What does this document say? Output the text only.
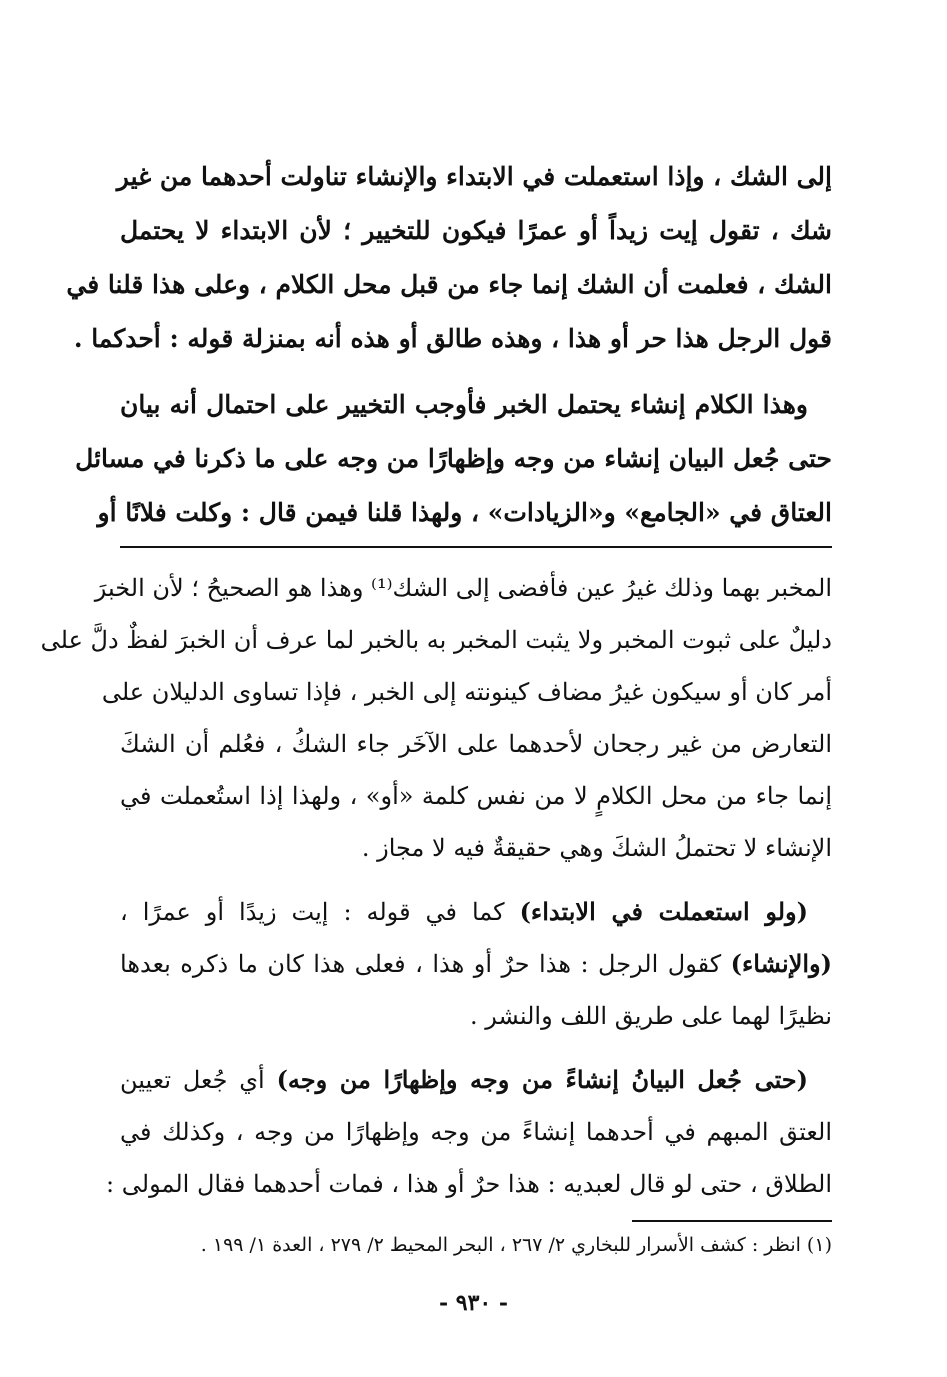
إلى الشك ، وإذا استعملت في الابتداء والإنشاء تناولت أحدهما من غير
شك ، تقول إيت زيداً أو عمرًا فيكون للتخيير ؛ لأن الابتداء لا يحتمل
الشك ، فعلمت أن الشك إنما جاء من قبل محل الكلام ، وعلى هذا قلنا في
قول الرجل هذا حر أو هذا ، وهذه طالق أو هذه أنه بمنزلة قوله : أحدكما .
وهذا الكلام إنشاء يحتمل الخبر فأوجب التخيير على احتمال أنه بيان
حتى جُعل البيان إنشاء من وجه وإظهارًا من وجه على ما ذكرنا في مسائل
العتاق في «الجامع» و«الزيادات» ، ولهذا قلنا فيمن قال : وكلت فلانًا أو
المخبر بهما وذلك غيرُ عين فأفضى إلى الشك⁽¹⁾ وهذا هو الصحيحُ ؛ لأن الخبرَ
دليلٌ على ثبوت المخبر ولا يثبت المخبر به بالخبر لما عرف أن الخبرَ لفظٌ دلَّ على
أمر كان أو سيكون غيرُ مضاف كينونته إلى الخبر ، فإذا تساوى الدليلان على
التعارض من غير رجحان لأحدهما على الآخَر جاء الشكُ ، فعُلم أن الشكَ
إنما جاء من محل الكلامٍ لا من نفس كلمة «أو» ، ولهذا إذا استُعملت في
الإنشاء لا تحتملُ الشكَ وهي حقيقةٌ فيه لا مجاز .
(ولو استعملت في الابتداء) كما في قوله : إيت زيدًا أو عمرًا ،
(والإنشاء) كقول الرجل : هذا حرٌ أو هذا ، فعلى هذا كان ما ذكره بعدها
نظيرًا لهما على طريق اللف والنشر .
(حتى جُعل البيانُ إنشاءً من وجه وإظهارًا من وجه) أي جُعل تعيين
العتق المبهم في أحدهما إنشاءً من وجه وإظهارًا من وجه ، وكذلك في
الطلاق ، حتى لو قال لعبديه : هذا حرٌ أو هذا ، فمات أحدهما فقال المولى :
(١) انظر : كشف الأسرار للبخاري ٢/ ٢٦٧ ، البحر المحيط ٢/ ٢٧٩ ، العدة ١/ ١٩٩ .
- ٩٣٠ -
